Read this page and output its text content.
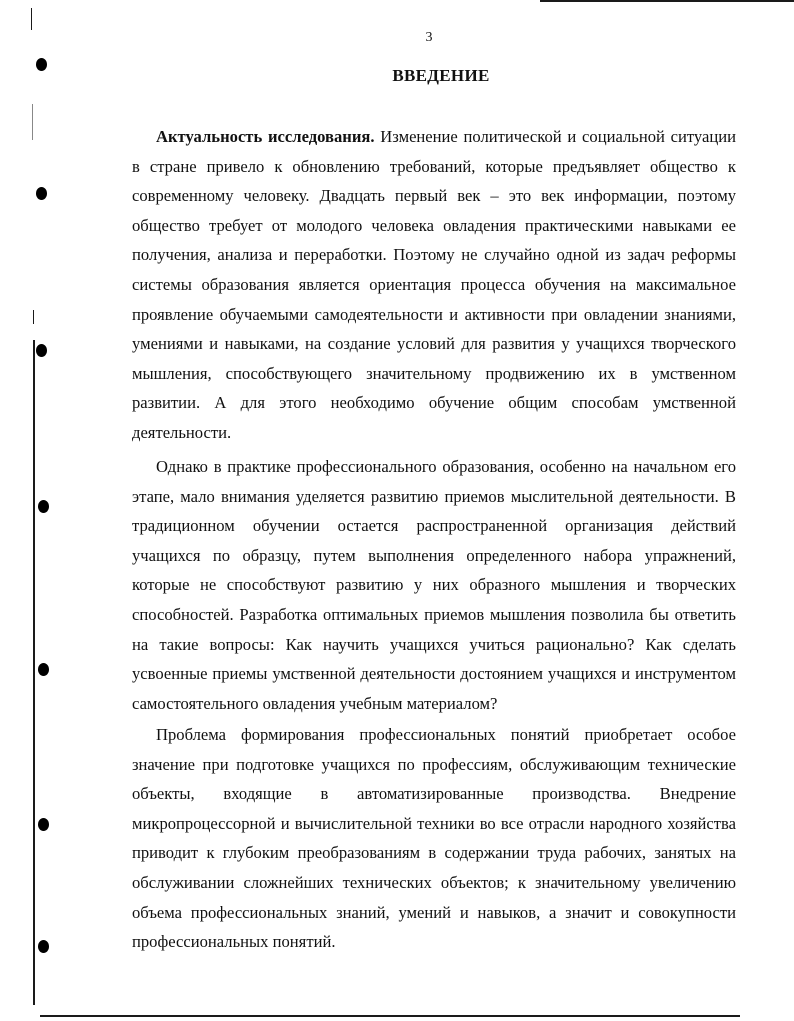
3
ВВЕДЕНИЕ

Актуальность исследования. Изменение политической и социальной ситуации в стране привело к обновлению требований, которые предъявляет общество к современному человеку. Двадцать первый век – это век информации, поэтому общество требует от молодого человека овладения практическими навыками ее получения, анализа и переработки. Поэтому не случайно одной из задач реформы системы образования является ориентация процесса обучения на максимальное проявление обучаемыми самодеятельности и активности при овладении знаниями, умениями и навыками, на создание условий для развития у учащихся творческого мышления, способствующего значительному продвижению их в умственном развитии. А для этого необходимо обучение общим способам умственной деятельности.

Однако в практике профессионального образования, особенно на начальном его этапе, мало внимания уделяется развитию приемов мыслительной деятельности. В традиционном обучении остается распространенной организация действий учащихся по образцу, путем выполнения определенного набора упражнений, которые не способствуют развитию у них образного мышления и творческих способностей. Разработка оптимальных приемов мышления позволила бы ответить на такие вопросы: Как научить учащихся учиться рационально? Как сделать усвоенные приемы умственной деятельности достоянием учащихся и инструментом самостоятельного овладения учебным материалом?

Проблема формирования профессиональных понятий приобретает особое значение при подготовке учащихся по профессиям, обслуживающим технические объекты, входящие в автоматизированные производства. Внедрение микропроцессорной и вычислительной техники во все отрасли народного хозяйства приводит к глубоким преобразованиям в содержании труда рабочих, занятых на обслуживании сложнейших технических объектов; к значительному увеличению объема профессиональных знаний, умений и навыков, а значит и совокупности профессиональных понятий.
